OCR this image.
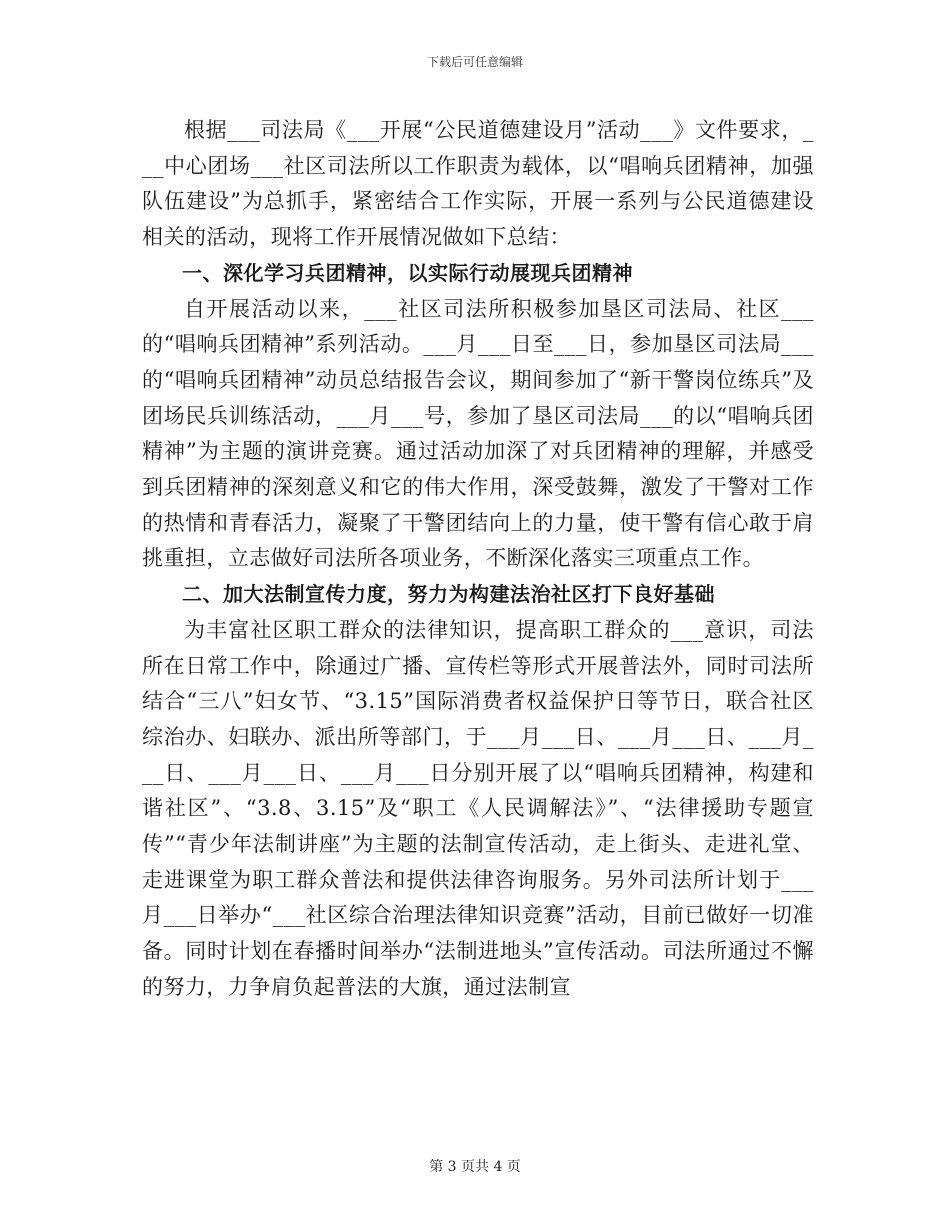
下载后可任意编辑

根据___司法局《___开展“公民道德建设月”活动___》文件要求，___中心团场___社区司法所以工作职责为载体，以“唱响兵团精神，加强队伍建设”为总抓手，紧密结合工作实际，开展一系列与公民道德建设相关的活动，现将工作开展情况做如下总结：

一、深化学习兵团精神，以实际行动展现兵团精神

自开展活动以来，___社区司法所积极参加垦区司法局、社区___的“唱响兵团精神”系列活动。___月___日至___日，参加垦区司法局___的“唱响兵团精神”动员总结报告会议，期间参加了“新干警岗位练兵”及团场民兵训练活动，___月___号，参加了垦区司法局___的以“唱响兵团精神”为主题的演讲竞赛。通过活动加深了对兵团精神的理解，并感受到兵团精神的深刻意义和它的伟大作用，深受鼓舞，激发了干警对工作的热情和青春活力，凝聚了干警团结向上的力量，使干警有信心敢于肩挑重担，立志做好司法所各项业务，不断深化落实三项重点工作。

二、加大法制宣传力度，努力为构建法治社区打下良好基础

为丰富社区职工群众的法律知识，提高职工群众的___意识，司法所在日常工作中，除通过广播、宣传栏等形式开展普法外，同时司法所结合“三八”妇女节、“3.15”国际消费者权益保护日等节日，联合社区综治办、妇联办、派出所等部门，于___月___日、___月___日、___月___日、___月___日、___月___日分别开展了以“唱响兵团精神，构建和谐社区”、“3.8、3.15”及“职工《人民调解法》”、“法律援助专题宣传”“青少年法制讲座”为主题的法制宣传活动，走上街头、走进礼堂、走进课堂为职工群众普法和提供法律咨询服务。另外司法所计划于___月___日举办“___社区综合治理法律知识竞赛”活动，目前已做好一切准备。同时计划在春播时间举办“法制进地头”宣传活动。司法所通过不懈的努力，力争肩负起普法的大旗，通过法制宣

第 3 页共 4 页
